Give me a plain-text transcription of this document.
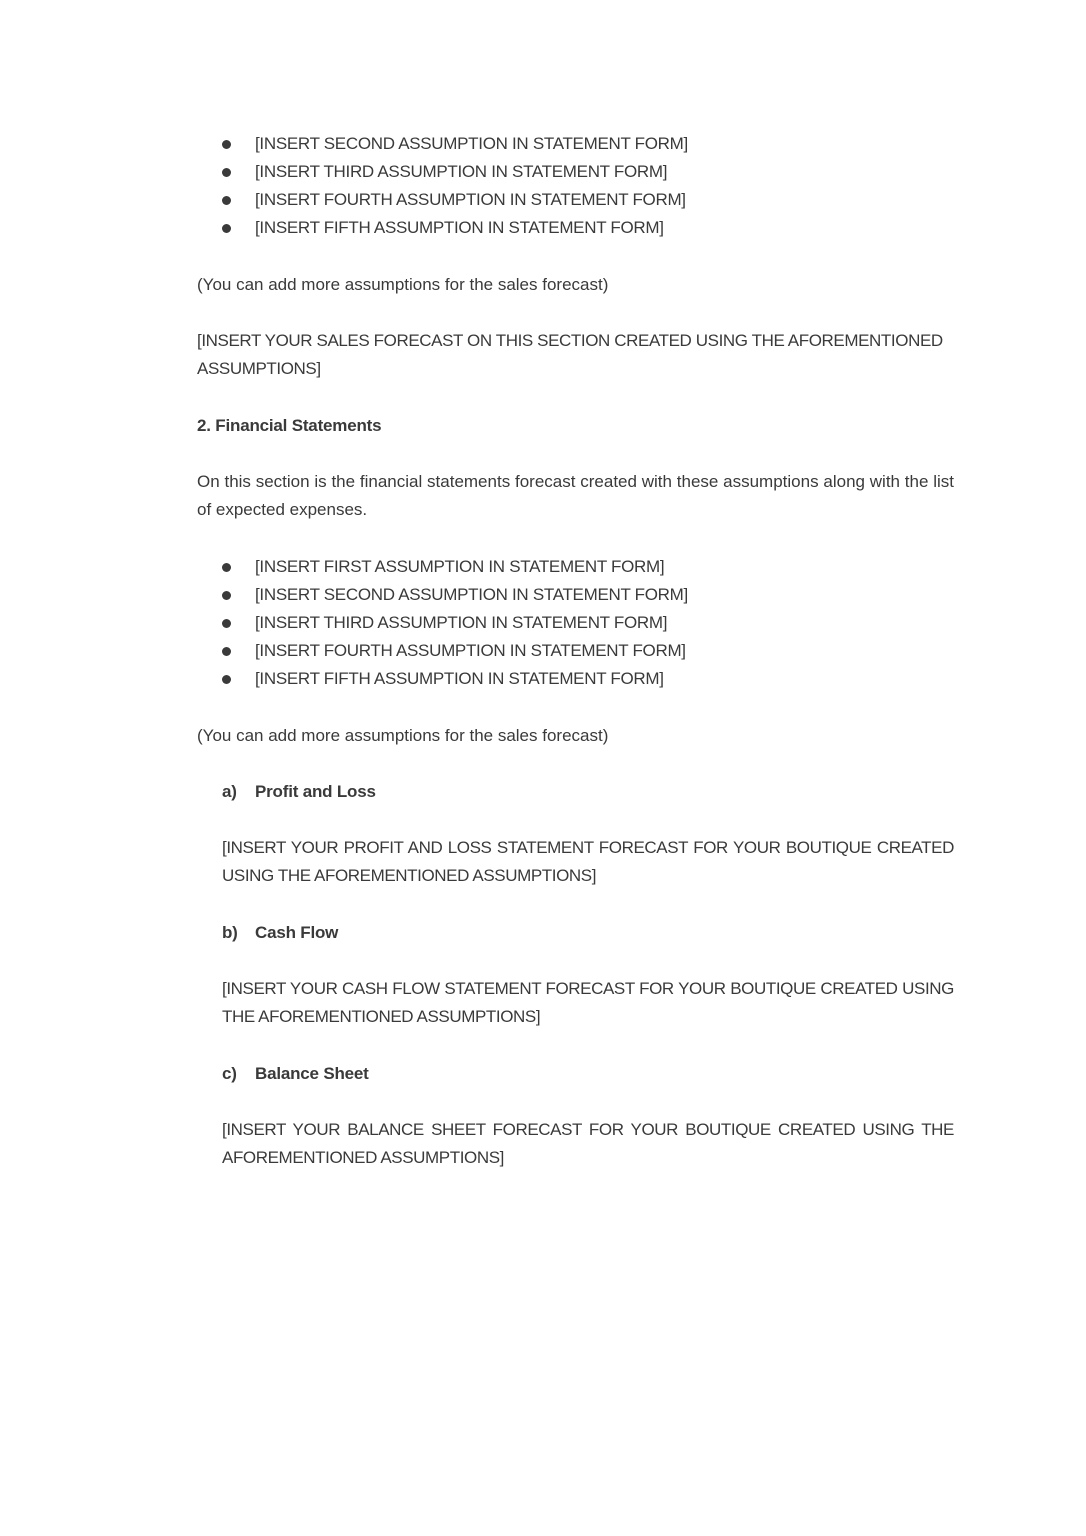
[INSERT SECOND ASSUMPTION IN STATEMENT FORM]
[INSERT THIRD ASSUMPTION IN STATEMENT FORM]
[INSERT FOURTH ASSUMPTION IN STATEMENT FORM]
[INSERT FIFTH ASSUMPTION IN STATEMENT FORM]
(You can add more assumptions for the sales forecast)
[INSERT YOUR SALES FORECAST ON THIS SECTION CREATED USING THE AFOREMENTIONED ASSUMPTIONS]
2. Financial Statements
On this section is the financial statements forecast created with these assumptions along with the list of expected expenses.
[INSERT FIRST ASSUMPTION IN STATEMENT FORM]
[INSERT SECOND ASSUMPTION IN STATEMENT FORM]
[INSERT THIRD ASSUMPTION IN STATEMENT FORM]
[INSERT FOURTH ASSUMPTION IN STATEMENT FORM]
[INSERT FIFTH ASSUMPTION IN STATEMENT FORM]
(You can add more assumptions for the sales forecast)
a) Profit and Loss
[INSERT YOUR PROFIT AND LOSS STATEMENT FORECAST FOR YOUR BOUTIQUE CREATED USING THE AFOREMENTIONED ASSUMPTIONS]
b) Cash Flow
[INSERT YOUR CASH FLOW STATEMENT FORECAST FOR YOUR BOUTIQUE CREATED USING THE AFOREMENTIONED ASSUMPTIONS]
c) Balance Sheet
[INSERT YOUR BALANCE SHEET FORECAST FOR YOUR BOUTIQUE CREATED USING THE AFOREMENTIONED ASSUMPTIONS]
